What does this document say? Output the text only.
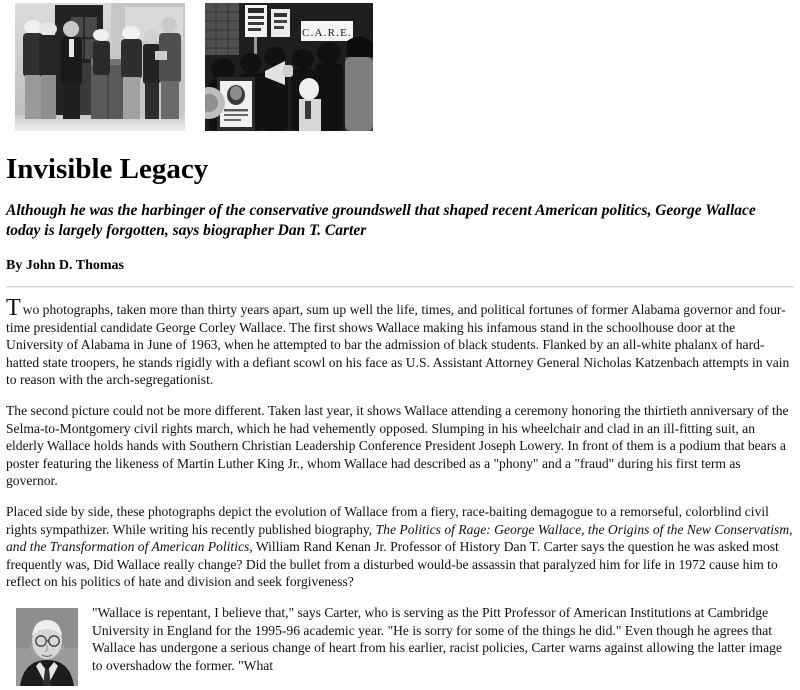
C.A.R.E.
Invisible Legacy
Although he was the harbinger of the conservative groundswell that shaped recent American politics, George Wallace today is largely forgotten, says biographer Dan T. Carter
By John D. Thomas

Two photographs, taken more than thirty years apart, sum up well the life, times, and political fortunes of former Alabama governor and four-time presidential candidate George Corley Wallace. The first shows Wallace making his infamous stand in the schoolhouse door at the University of Alabama in June of 1963, when he attempted to bar the admission of black students. Flanked by an all-white phalanx of hard-hatted state troopers, he stands rigidly with a defiant scowl on his face as U.S. Assistant Attorney General Nicholas Katzenbach attempts in vain to reason with the arch-segregationist.

The second picture could not be more different. Taken last year, it shows Wallace attending a ceremony honoring the thirtieth anniversary of the Selma-to-Montgomery civil rights march, which he had vehemently opposed. Slumping in his wheelchair and clad in an ill-fitting suit, an elderly Wallace holds hands with Southern Christian Leadership Conference President Joseph Lowery. In front of them is a podium that bears a poster featuring the likeness of Martin Luther King Jr., whom Wallace had described as a "phony" and a "fraud" during his first term as governor.

Placed side by side, these photographs depict the evolution of Wallace from a fiery, race-baiting demagogue to a remorseful, colorblind civil rights sympathizer. While writing his recently published biography, The Politics of Rage: George Wallace, the Origins of the New Conservatism, and the Transformation of American Politics, William Rand Kenan Jr. Professor of History Dan T. Carter says the question he was asked most frequently was, Did Wallace really change? Did the bullet from a disturbed would-be assassin that paralyzed him for life in 1972 cause him to reflect on his politics of hate and division and seek forgiveness?

"Wallace is repentant, I believe that," says Carter, who is serving as the Pitt Professor of American Institutions at Cambridge University in England for the 1995-96 academic year. "He is sorry for some of the things he did." Even though he agrees that Wallace has undergone a serious change of heart from his earlier, racist policies, Carter warns against allowing the latter image to overshadow the former. "What
